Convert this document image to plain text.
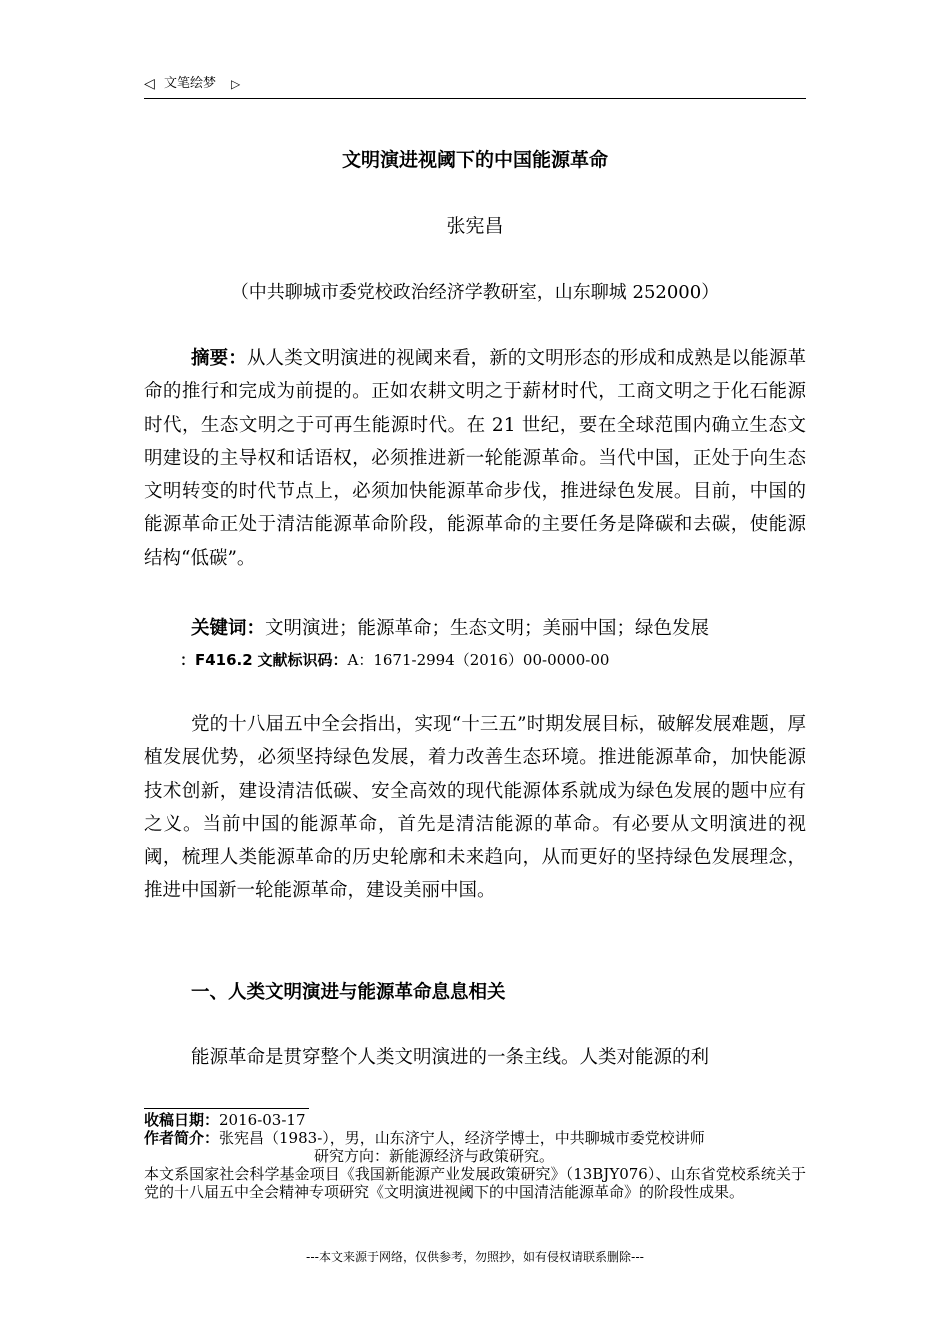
◁ 文笔绘梦 ▷
文明演进视阈下的中国能源革命
张宪昌
（中共聊城市委党校政治经济学教研室，山东聊城 252000）
摘要：从人类文明演进的视阈来看，新的文明形态的形成和成熟是以能源革命的推行和完成为前提的。正如农耕文明之于薪材时代，工商文明之于化石能源时代，生态文明之于可再生能源时代。在 21 世纪，要在全球范围内确立生态文明建设的主导权和话语权，必须推进新一轮能源革命。当代中国，正处于向生态文明转变的时代节点上，必须加快能源革命步伐，推进绿色发展。目前，中国的能源革命正处于清洁能源革命阶段，能源革命的主要任务是降碳和去碳，使能源结构“低碳”。
关键词：文明演进；能源革命；生态文明；美丽中国；绿色发展
：F416.2 文献标识码：A：1671-2994（2016）00-0000-00
党的十八届五中全会指出，实现“十三五”时期发展目标，破解发展难题，厚植发展优势，必须坚持绿色发展，着力改善生态环境。推进能源革命，加快能源技术创新，建设清洁低碳、安全高效的现代能源体系就成为绿色发展的题中应有之义。当前中国的能源革命，首先是清洁能源的革命。有必要从文明演进的视阈，梳理人类能源革命的历史轮廓和未来趋向，从而更好的坚持绿色发展理念，推进中国新一轮能源革命，建设美丽中国。
一、人类文明演进与能源革命息息相关
能源革命是贯穿整个人类文明演进的一条主线。人类对能源的利
收稿日期：2016-03-17
作者简介：张宪昌（1983-），男，山东济宁人，经济学博士，中共聊城市委党校讲师
研究方向：新能源经济与政策研究。
本文系国家社会科学基金项目《我国新能源产业发展政策研究》（13BJY076）、山东省党校系统关于党的十八届五中全会精神专项研究《文明演进视阈下的中国清洁能源革命》的阶段性成果。
---本文来源于网络，仅供参考，勿照抄，如有侵权请联系删除---
